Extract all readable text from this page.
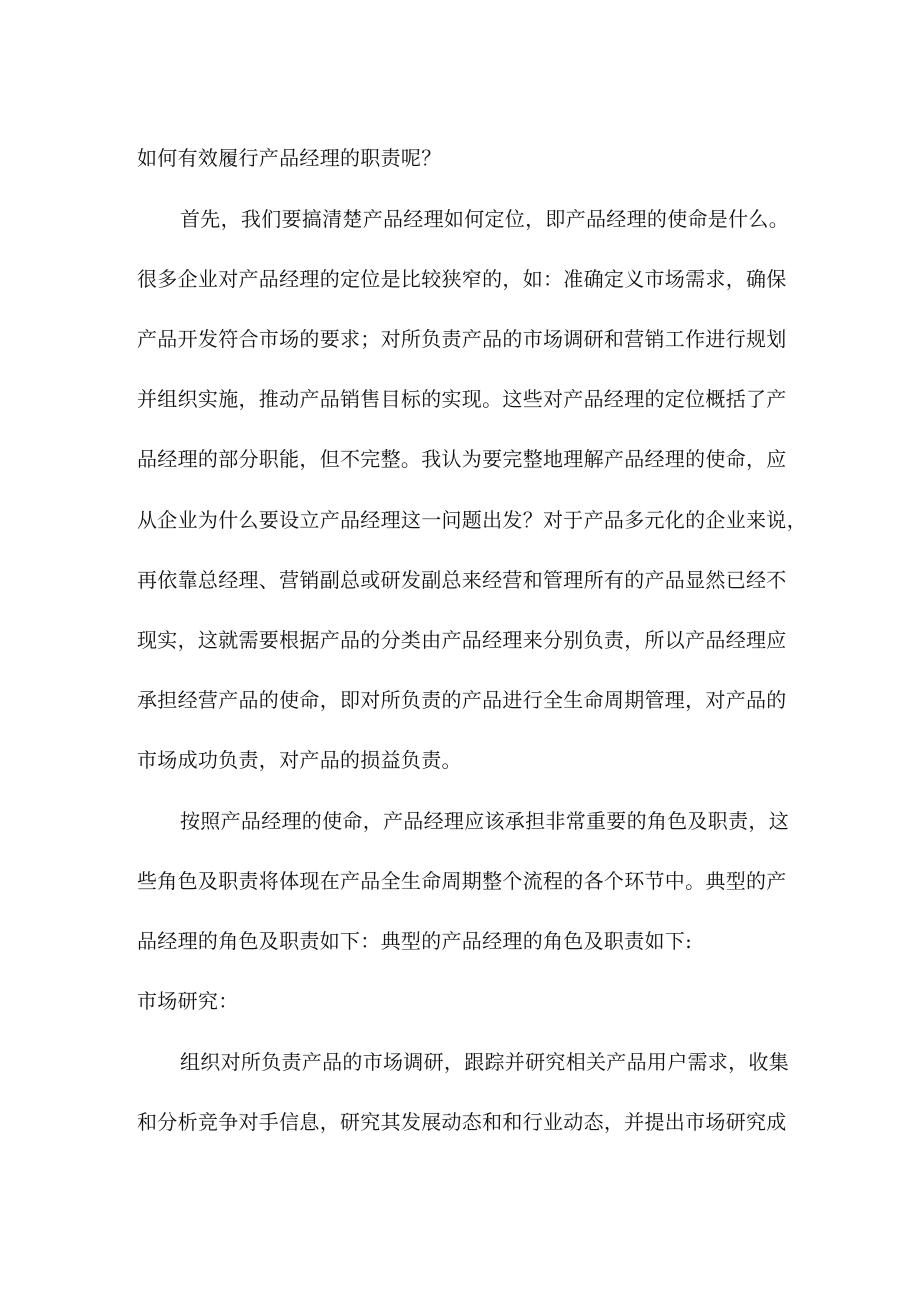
如何有效履行产品经理的职责呢？
首先，我们要搞清楚产品经理如何定位，即产品经理的使命是什么。
很多企业对产品经理的定位是比较狭窄的，如：准确定义市场需求，确保
产品开发符合市场的要求；对所负责产品的市场调研和营销工作进行规划
并组织实施，推动产品销售目标的实现。这些对产品经理的定位概括了产
品经理的部分职能，但不完整。我认为要完整地理解产品经理的使命，应
从企业为什么要设立产品经理这一问题出发？对于产品多元化的企业来说，
再依靠总经理、营销副总或研发副总来经营和管理所有的产品显然已经不
现实，这就需要根据产品的分类由产品经理来分别负责，所以产品经理应
承担经营产品的使命，即对所负责的产品进行全生命周期管理，对产品的
市场成功负责，对产品的损益负责。
按照产品经理的使命，产品经理应该承担非常重要的角色及职责，这
些角色及职责将体现在产品全生命周期整个流程的各个环节中。典型的产
品经理的角色及职责如下：典型的产品经理的角色及职责如下:
市场研究：
组织对所负责产品的市场调研，跟踪并研究相关产品用户需求，收集
和分析竞争对手信息，研究其发展动态和和行业动态，并提出市场研究成
